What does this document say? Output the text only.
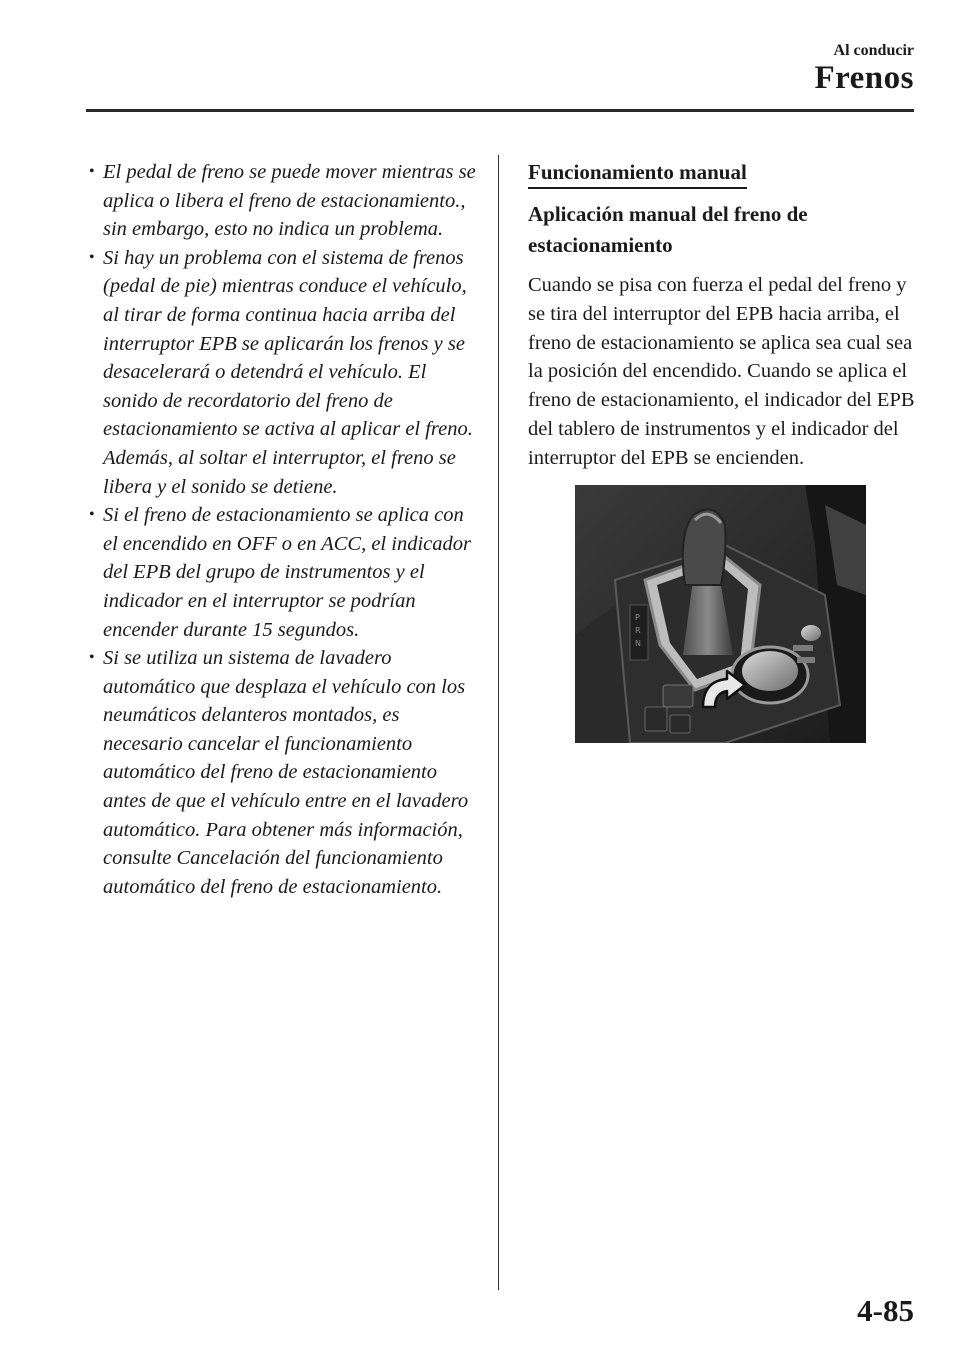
Al conducir
Frenos
• El pedal de freno se puede mover mientras se aplica o libera el freno de estacionamiento., sin embargo, esto no indica un problema.
• Si hay un problema con el sistema de frenos (pedal de pie) mientras conduce el vehículo, al tirar de forma continua hacia arriba del interruptor EPB se aplicarán los frenos y se desacelerará o detendrá el vehículo. El sonido de recordatorio del freno de estacionamiento se activa al aplicar el freno. Además, al soltar el interruptor, el freno se libera y el sonido se detiene.
• Si el freno de estacionamiento se aplica con el encendido en OFF o en ACC, el indicador del EPB del grupo de instrumentos y el indicador en el interruptor se podrían encender durante 15 segundos.
• Si se utiliza un sistema de lavadero automático que desplaza el vehículo con los neumáticos delanteros montados, es necesario cancelar el funcionamiento automático del freno de estacionamiento antes de que el vehículo entre en el lavadero automático. Para obtener más información, consulte Cancelación del funcionamiento automático del freno de estacionamiento.
Funcionamiento manual
Aplicación manual del freno de estacionamiento
Cuando se pisa con fuerza el pedal del freno y se tira del interruptor del EPB hacia arriba, el freno de estacionamiento se aplica sea cual sea la posición del encendido. Cuando se aplica el freno de estacionamiento, el indicador del EPB del tablero de instrumentos y el indicador del interruptor del EPB se encienden.
P
R
N
4-85
